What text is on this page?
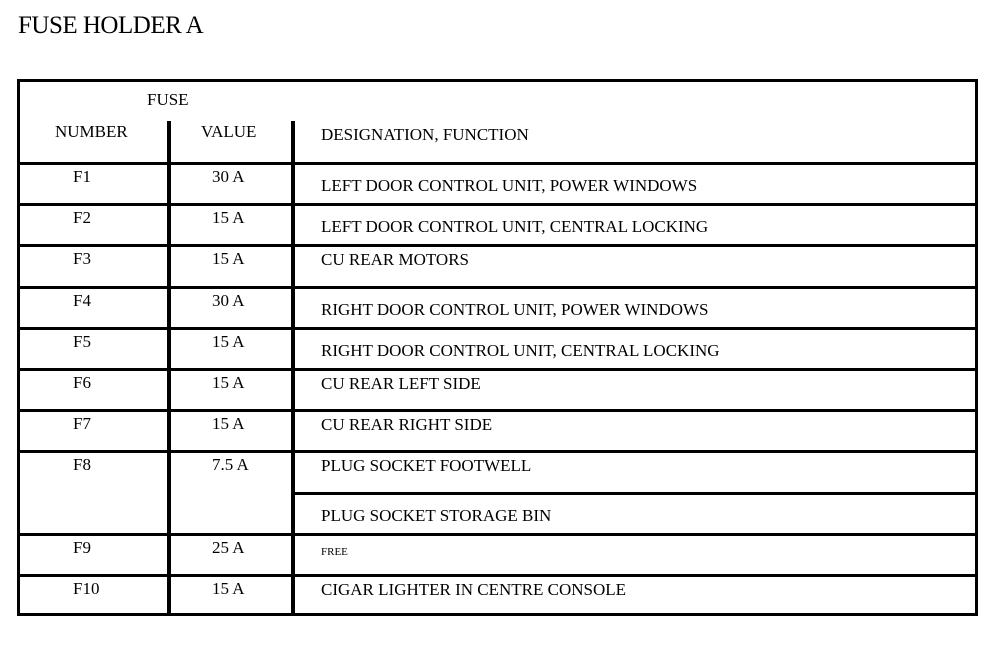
FUSE HOLDER A
FUSE
NUMBER	VALUE	DESIGNATION, FUNCTION
F1	30 A	LEFT DOOR CONTROL UNIT, POWER WINDOWS
F2	15 A	LEFT DOOR CONTROL UNIT, CENTRAL LOCKING
F3	15 A	CU REAR MOTORS
F4	30 A	RIGHT DOOR CONTROL UNIT, POWER WINDOWS
F5	15 A	RIGHT DOOR CONTROL UNIT, CENTRAL LOCKING
F6	15 A	CU REAR LEFT SIDE
F7	15 A	CU REAR RIGHT SIDE
F8	7.5 A	PLUG SOCKET FOOTWELL
PLUG SOCKET STORAGE BIN
F9	25 A	FREE
F10	15 A	CIGAR LIGHTER IN CENTRE CONSOLE
